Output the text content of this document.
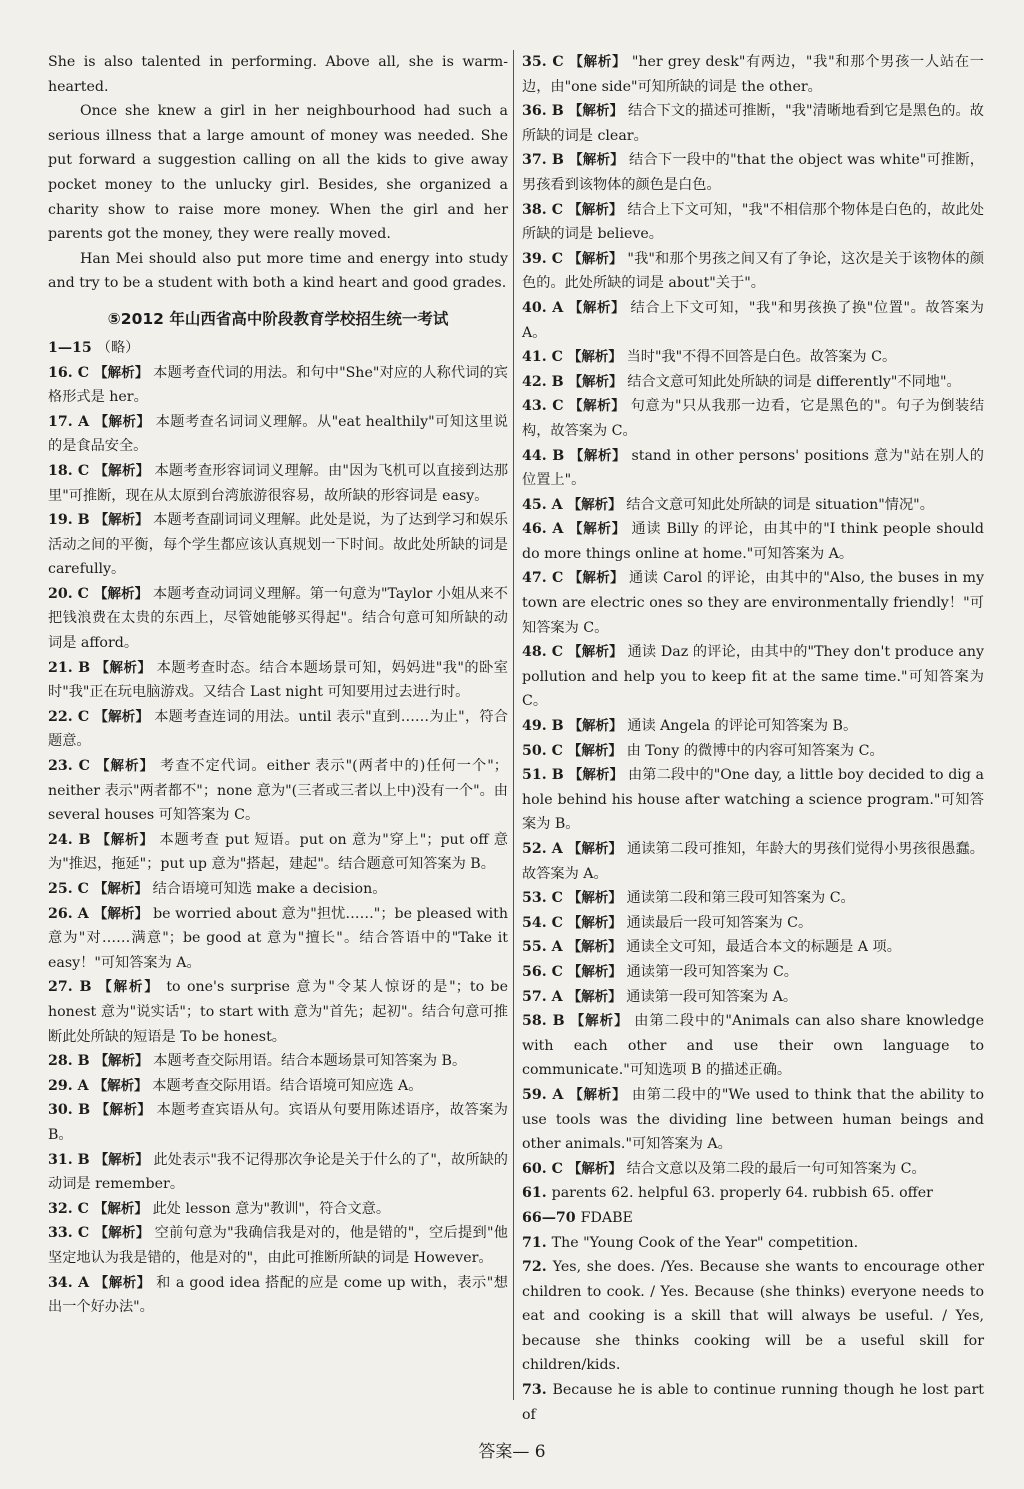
She is also talented in performing. Above all, she is warm-hearted.

Once she knew a girl in her neighbourhood had such a serious illness that a large amount of money was needed. She put forward a suggestion calling on all the kids to give away pocket money to the unlucky girl. Besides, she organized a charity show to raise more money. When the girl and her parents got the money, they were really moved.

Han Mei should also put more time and energy into study and try to be a student with both a kind heart and good grades.

⑤2012 年山西省高中阶段教育学校招生统一考试

1—15 （略）

16. C 【解析】 本题考查代词的用法。和句中"She"对应的人称代词的宾格形式是 her。

17. A 【解析】 本题考查名词词义理解。从"eat healthily"可知这里说的是食品安全。

18. C 【解析】 本题考查形容词词义理解。由"因为飞机可以直接到达那里"可推断，现在从太原到台湾旅游很容易，故所缺的形容词是 easy。

19. B 【解析】 本题考查副词词义理解。此处是说，为了达到学习和娱乐活动之间的平衡，每个学生都应该认真规划一下时间。故此处所缺的词是 carefully。

20. C 【解析】 本题考查动词词义理解。第一句意为"Taylor 小姐从来不把钱浪费在太贵的东西上，尽管她能够买得起"。结合句意可知所缺的动词是 afford。

21. B 【解析】 本题考查时态。结合本题场景可知，妈妈进"我"的卧室时"我"正在玩电脑游戏。又结合 Last night 可知要用过去进行时。

22. C 【解析】 本题考查连词的用法。until 表示"直到……为止"，符合题意。

23. C 【解析】 考查不定代词。either 表示"(两者中的)任何一个"；neither 表示"两者都不"；none 意为"(三者或三者以上中)没有一个"。由 several houses 可知答案为 C。

24. B 【解析】 本题考查 put 短语。put on 意为"穿上"；put off 意为"推迟，拖延"；put up 意为"搭起，建起"。结合题意可知答案为 B。

25. C 【解析】 结合语境可知选 make a decision。

26. A 【解析】 be worried about 意为"担忧……"；be pleased with 意为"对……满意"；be good at 意为"擅长"。结合答语中的"Take it easy！"可知答案为 A。

27. B 【解析】 to one's surprise 意为"令某人惊讶的是"；to be honest 意为"说实话"；to start with 意为"首先；起初"。结合句意可推断此处所缺的短语是 To be honest。

28. B 【解析】 本题考查交际用语。结合本题场景可知答案为 B。

29. A 【解析】 本题考查交际用语。结合语境可知应选 A。

30. B 【解析】 本题考查宾语从句。宾语从句要用陈述语序，故答案为 B。

31. B 【解析】 此处表示"我不记得那次争论是关于什么的了"，故所缺的动词是 remember。

32. C 【解析】 此处 lesson 意为"教训"，符合文意。

33. C 【解析】 空前句意为"我确信我是对的，他是错的"，空后提到"他坚定地认为我是错的，他是对的"，由此可推断所缺的词是 However。

34. A 【解析】 和 a good idea 搭配的应是 come up with，表示"想出一个好办法"。

35. C 【解析】 "her grey desk"有两边，"我"和那个男孩一人站在一边，由"one side"可知所缺的词是 the other。

36. B 【解析】 结合下文的描述可推断，"我"清晰地看到它是黑色的。故所缺的词是 clear。

37. B 【解析】 结合下一段中的"that the object was white"可推断，男孩看到该物体的颜色是白色。

38. C 【解析】 结合上下文可知，"我"不相信那个物体是白色的，故此处所缺的词是 believe。

39. C 【解析】 "我"和那个男孩之间又有了争论，这次是关于该物体的颜色的。此处所缺的词是 about"关于"。

40. A 【解析】 结合上下文可知，"我"和男孩换了换"位置"。故答案为 A。

41. C 【解析】 当时"我"不得不回答是白色。故答案为 C。

42. B 【解析】 结合文意可知此处所缺的词是 differently"不同地"。

43. C 【解析】 句意为"只从我那一边看，它是黑色的"。句子为倒装结构，故答案为 C。

44. B 【解析】 stand in other persons' positions 意为"站在别人的位置上"。

45. A 【解析】 结合文意可知此处所缺的词是 situation"情况"。

46. A 【解析】 通读 Billy 的评论，由其中的"I think people should do more things online at home."可知答案为 A。

47. C 【解析】 通读 Carol 的评论，由其中的"Also, the buses in my town are electric ones so they are environmentally friendly！"可知答案为 C。

48. C 【解析】 通读 Daz 的评论，由其中的"They don't produce any pollution and help you to keep fit at the same time."可知答案为 C。

49. B 【解析】 通读 Angela 的评论可知答案为 B。

50. C 【解析】 由 Tony 的微博中的内容可知答案为 C。

51. B 【解析】 由第二段中的"One day, a little boy decided to dig a hole behind his house after watching a science program."可知答案为 B。

52. A 【解析】 通读第二段可推知，年龄大的男孩们觉得小男孩很愚蠢。故答案为 A。

53. C 【解析】 通读第二段和第三段可知答案为 C。

54. C 【解析】 通读最后一段可知答案为 C。

55. A 【解析】 通读全文可知，最适合本文的标题是 A 项。

56. C 【解析】 通读第一段可知答案为 C。

57. A 【解析】 通读第一段可知答案为 A。

58. B 【解析】 由第二段中的"Animals can also share knowledge with each other and use their own language to communicate."可知选项 B 的描述正确。

59. A 【解析】 由第二段中的"We used to think that the ability to use tools was the dividing line between human beings and other animals."可知答案为 A。

60. C 【解析】 结合文意以及第二段的最后一句可知答案为 C。

61. parents 62. helpful 63. properly 64. rubbish 65. offer

66—70 FDABE

71. The "Young Cook of the Year" competition.

72. Yes, she does. /Yes. Because she wants to encourage other children to cook. / Yes. Because (she thinks) everyone needs to eat and cooking is a skill that will always be useful. / Yes, because she thinks cooking will be a useful skill for children/kids.

73. Because he is able to continue running though he lost part of

答案— 6
